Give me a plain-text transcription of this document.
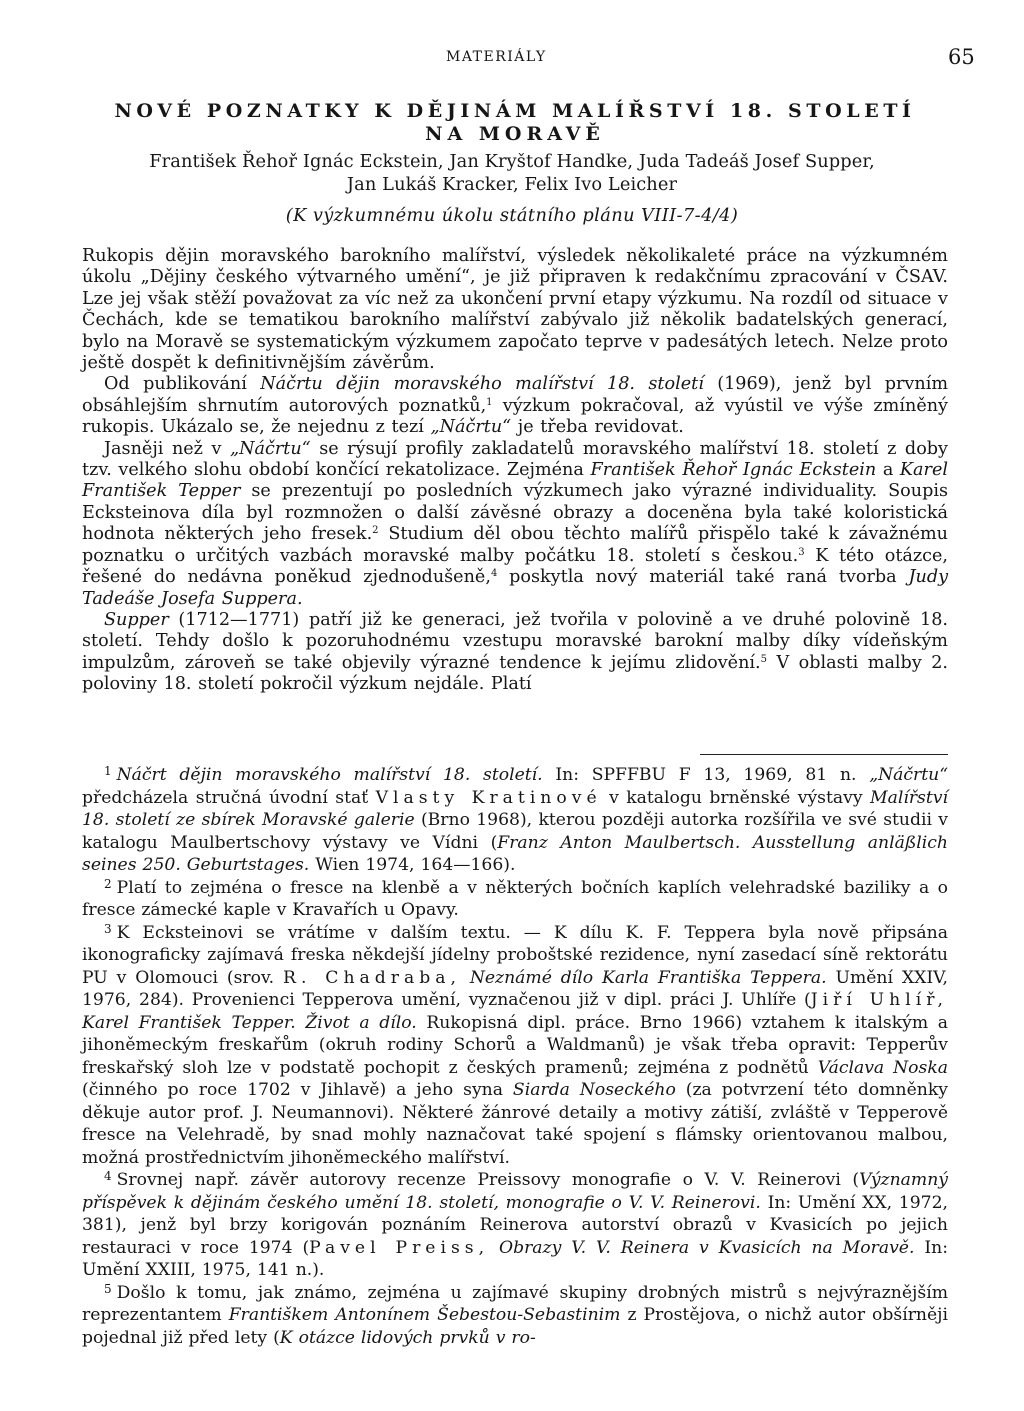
MATERIÁLY	65
NOVÉ POZNATKY K DĚJINÁM MALÍŘSTVÍ 18. STOLETÍ
NA MORAVĚ
František Řehoř Ignác Eckstein, Jan Kryštof Handke, Juda Tadeáš Josef Supper,
Jan Lukáš Kracker, Felix Ivo Leicher
(K výzkumnému úkolu státního plánu VIII-7-4/4)

Rukopis dějin moravského barokního malířství, výsledek několikaleté práce na výzkumném úkolu „Dějiny českého výtvarného umění“, je již připraven k redakčnímu zpracování v ČSAV. Lze jej však stěží považovat za víc než za ukončení první etapy výzkumu. Na rozdíl od situace v Čechách, kde se tematikou barokního malířství zabývalo již několik badatelských generací, bylo na Moravě se systematickým výzkumem započato teprve v padesátých letech. Nelze proto ještě dospět k definitivnějším závěrům.

Od publikování Náčrtu dějin moravského malířství 18. století (1969), jenž byl prvním obsáhlejším shrnutím autorových poznatků,$^1$ výzkum pokračoval, až vyústil ve výše zmíněný rukopis. Ukázalo se, že nejednu z tezí „Náčrtu“ je třeba revidovat.

Jasněji než v „Náčrtu“ se rýsují profily zakladatelů moravského malířství 18. století z doby tzv. velkého slohu období končící rekatolizace. Zejména František Řehoř Ignác Eckstein a Karel František Tepper se prezentují po posledních výzkumech jako výrazné individuality. Soupis Ecksteinova díla byl rozmnožen o další závěsné obrazy a doceněna byla také koloristická hodnota některých jeho fresek.$^2$ Studium děl obou těchto malířů přispělo také k závažnému poznatku o určitých vazbách moravské malby počátku 18. století s českou.$^3$ K této otázce, řešené do nedávna poněkud zjednodušeně,$^4$ poskytla nový materiál také raná tvorba Judy Tadeáše Josefa Suppera.

Supper (1712—1771) patří již ke generaci, jež tvořila v polovině a ve druhé polovině 18. století. Tehdy došlo k pozoruhodnému vzestupu moravské barokní malby díky vídeňským impulzům, zároveň se také objevily výrazné tendence k jejímu zlidovění.$^5$ V oblasti malby 2. poloviny 18. století pokročil výzkum nejdále. Platí

$^1$ Náčrt dějin moravského malířství 18. století. In: SPFFBU F 13, 1969, 81 n. „Náčrtu“ předcházela stručná úvodní stať Vlasty Kratinové v katalogu brněnské výstavy Malířství 18. století ze sbírek Moravské galerie (Brno 1968), kterou později autorka rozšířila ve své studii v katalogu Maulbertschovy výstavy ve Vídni (Franz Anton Maulbertsch. Ausstellung anläßlich seines 250. Geburtstages. Wien 1974, 164—166).

$^2$ Platí to zejména o fresce na klenbě a v některých bočních kaplích velehradské baziliky a o fresce zámecké kaple v Kravařích u Opavy.

$^3$ K Ecksteinovi se vrátíme v dalším textu. — K dílu K. F. Teppera byla nově připsána ikonograficky zajímavá freska někdejší jídelny proboštské rezidence, nyní zasedací síně rektorátu PU v Olomouci (srov. R. Chadraba, Neznámé dílo Karla Františka Teppera. Umění XXIV, 1976, 284). Provenienci Tepperova umění, vyznačenou již v dipl. práci J. Uhlíře (Jiří Uhlíř, Karel František Tepper. Život a dílo. Rukopisná dipl. práce. Brno 1966) vztahem k italským a jihoněmeckým freskařům (okruh rodiny Schorů a Waldmanů) je však třeba opravit: Tepperův freskařský sloh lze v podstatě pochopit z českých pramenů; zejména z podnětů Václava Noska (činného po roce 1702 v Jihlavě) a jeho syna Siarda Noseckého (za potvrzení této domněnky děkuje autor prof. J. Neumannovi). Některé žánrové detaily a motivy zátiší, zvláště v Tepperově fresce na Velehradě, by snad mohly naznačovat také spojení s flámsky orientovanou malbou, možná prostřednictvím jihoněmeckého malířství.

$^4$ Srovnej např. závěr autorovy recenze Preissovy monografie o V. V. Reinerovi (Významný příspěvek k dějinám českého umění 18. století, monografie o V. V. Reinerovi. In: Umění XX, 1972, 381), jenž byl brzy korigován poznáním Reinerova autorství obrazů v Kvasicích po jejich restauraci v roce 1974 (Pavel Preiss, Obrazy V. V. Reinera v Kvasicích na Moravě. In: Umění XXIII, 1975, 141 n.).

$^5$ Došlo k tomu, jak známo, zejména u zajímavé skupiny drobných mistrů s nejvýraznějším reprezentantem Františkem Antonínem Šebestou-Sebastinim z Prostějova, o nichž autor obšírněji pojednal již před lety (K otázce lidových prvků v ro-
